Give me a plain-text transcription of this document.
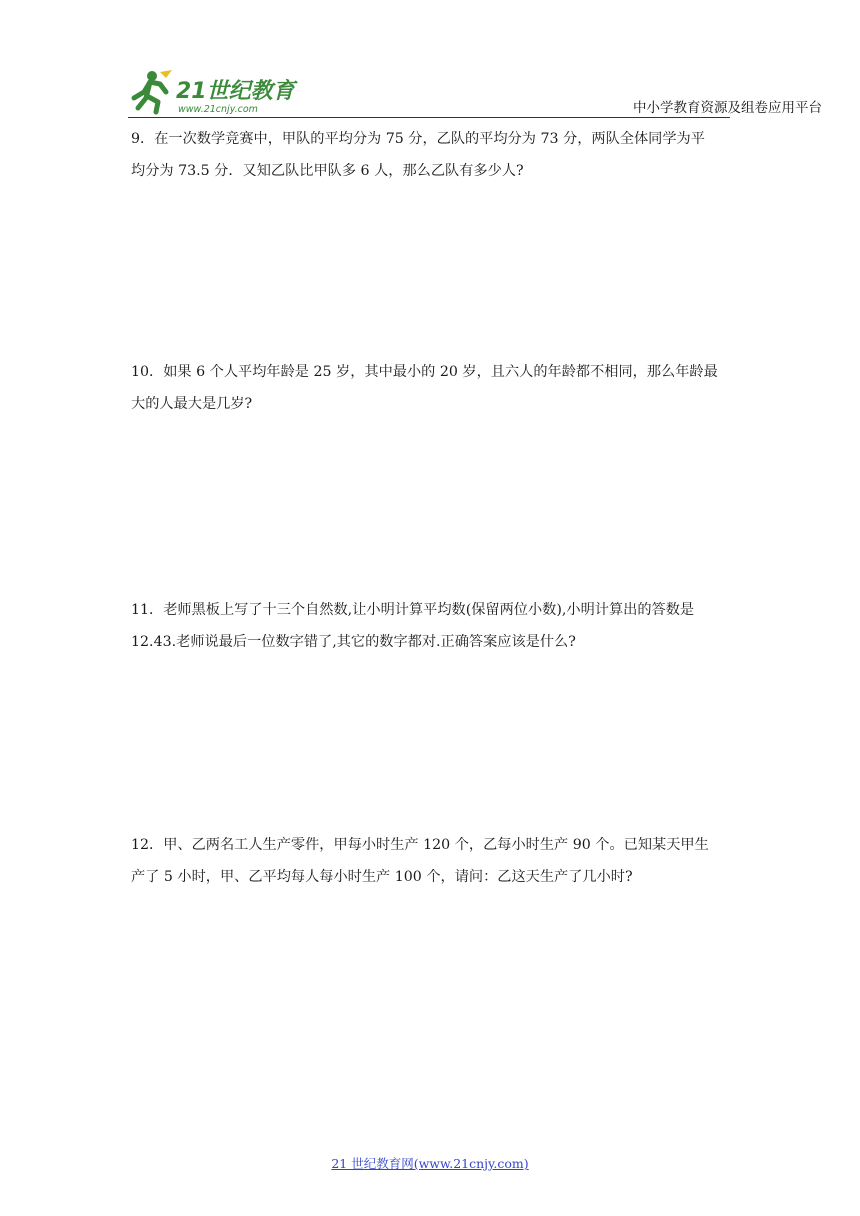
21世纪教育
www.21cnjy.com	中小学教育资源及组卷应用平台

9．在一次数学竞赛中，甲队的平均分为 75 分，乙队的平均分为 73 分，两队全体同学为平

均分为 73.5 分．又知乙队比甲队多 6 人，那么乙队有多少人?

10．如果 6 个人平均年龄是 25 岁，其中最小的 20 岁，且六人的年龄都不相同，那么年龄最

大的人最大是几岁?

11．老师黑板上写了十三个自然数,让小明计算平均数(保留两位小数),小明计算出的答数是

12.43.老师说最后一位数字错了,其它的数字都对.正确答案应该是什么?

12．甲、乙两名工人生产零件，甲每小时生产 120 个，乙每小时生产 90 个。已知某天甲生

产了 5 小时，甲、乙平均每人每小时生产 100 个，请问：乙这天生产了几小时?

21 世纪教育网(www.21cnjy.com)
